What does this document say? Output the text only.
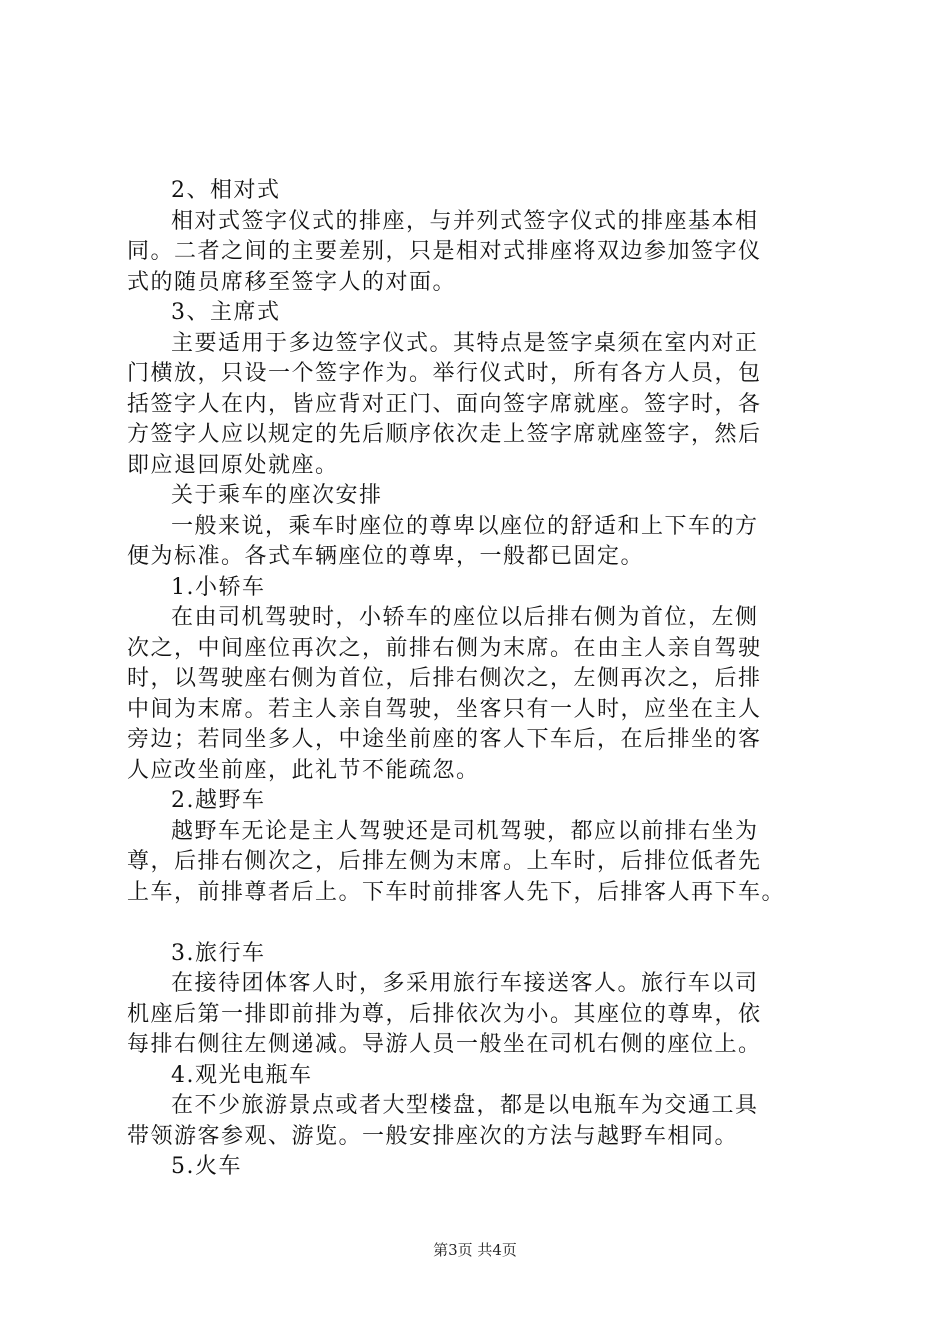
2、相对式
相对式签字仪式的排座，与并列式签字仪式的排座基本相
同。二者之间的主要差别，只是相对式排座将双边参加签字仪
式的随员席移至签字人的对面。
3、主席式
主要适用于多边签字仪式。其特点是签字桌须在室内对正
门横放，只设一个签字作为。举行仪式时，所有各方人员，包
括签字人在内，皆应背对正门、面向签字席就座。签字时，各
方签字人应以规定的先后顺序依次走上签字席就座签字，然后
即应退回原处就座。
关于乘车的座次安排
一般来说，乘车时座位的尊卑以座位的舒适和上下车的方
便为标准。各式车辆座位的尊卑，一般都已固定。
1.小轿车
在由司机驾驶时，小轿车的座位以后排右侧为首位，左侧
次之，中间座位再次之，前排右侧为末席。在由主人亲自驾驶
时，以驾驶座右侧为首位，后排右侧次之，左侧再次之，后排
中间为末席。若主人亲自驾驶，坐客只有一人时，应坐在主人
旁边；若同坐多人，中途坐前座的客人下车后，在后排坐的客
人应改坐前座，此礼节不能疏忽。
2.越野车
越野车无论是主人驾驶还是司机驾驶，都应以前排右坐为
尊，后排右侧次之，后排左侧为末席。上车时，后排位低者先
上车，前排尊者后上。下车时前排客人先下，后排客人再下车。
3.旅行车
在接待团体客人时，多采用旅行车接送客人。旅行车以司
机座后第一排即前排为尊，后排依次为小。其座位的尊卑，依
每排右侧往左侧递减。导游人员一般坐在司机右侧的座位上。
4.观光电瓶车
在不少旅游景点或者大型楼盘，都是以电瓶车为交通工具
带领游客参观、游览。一般安排座次的方法与越野车相同。
5.火车
第3页 共4页
